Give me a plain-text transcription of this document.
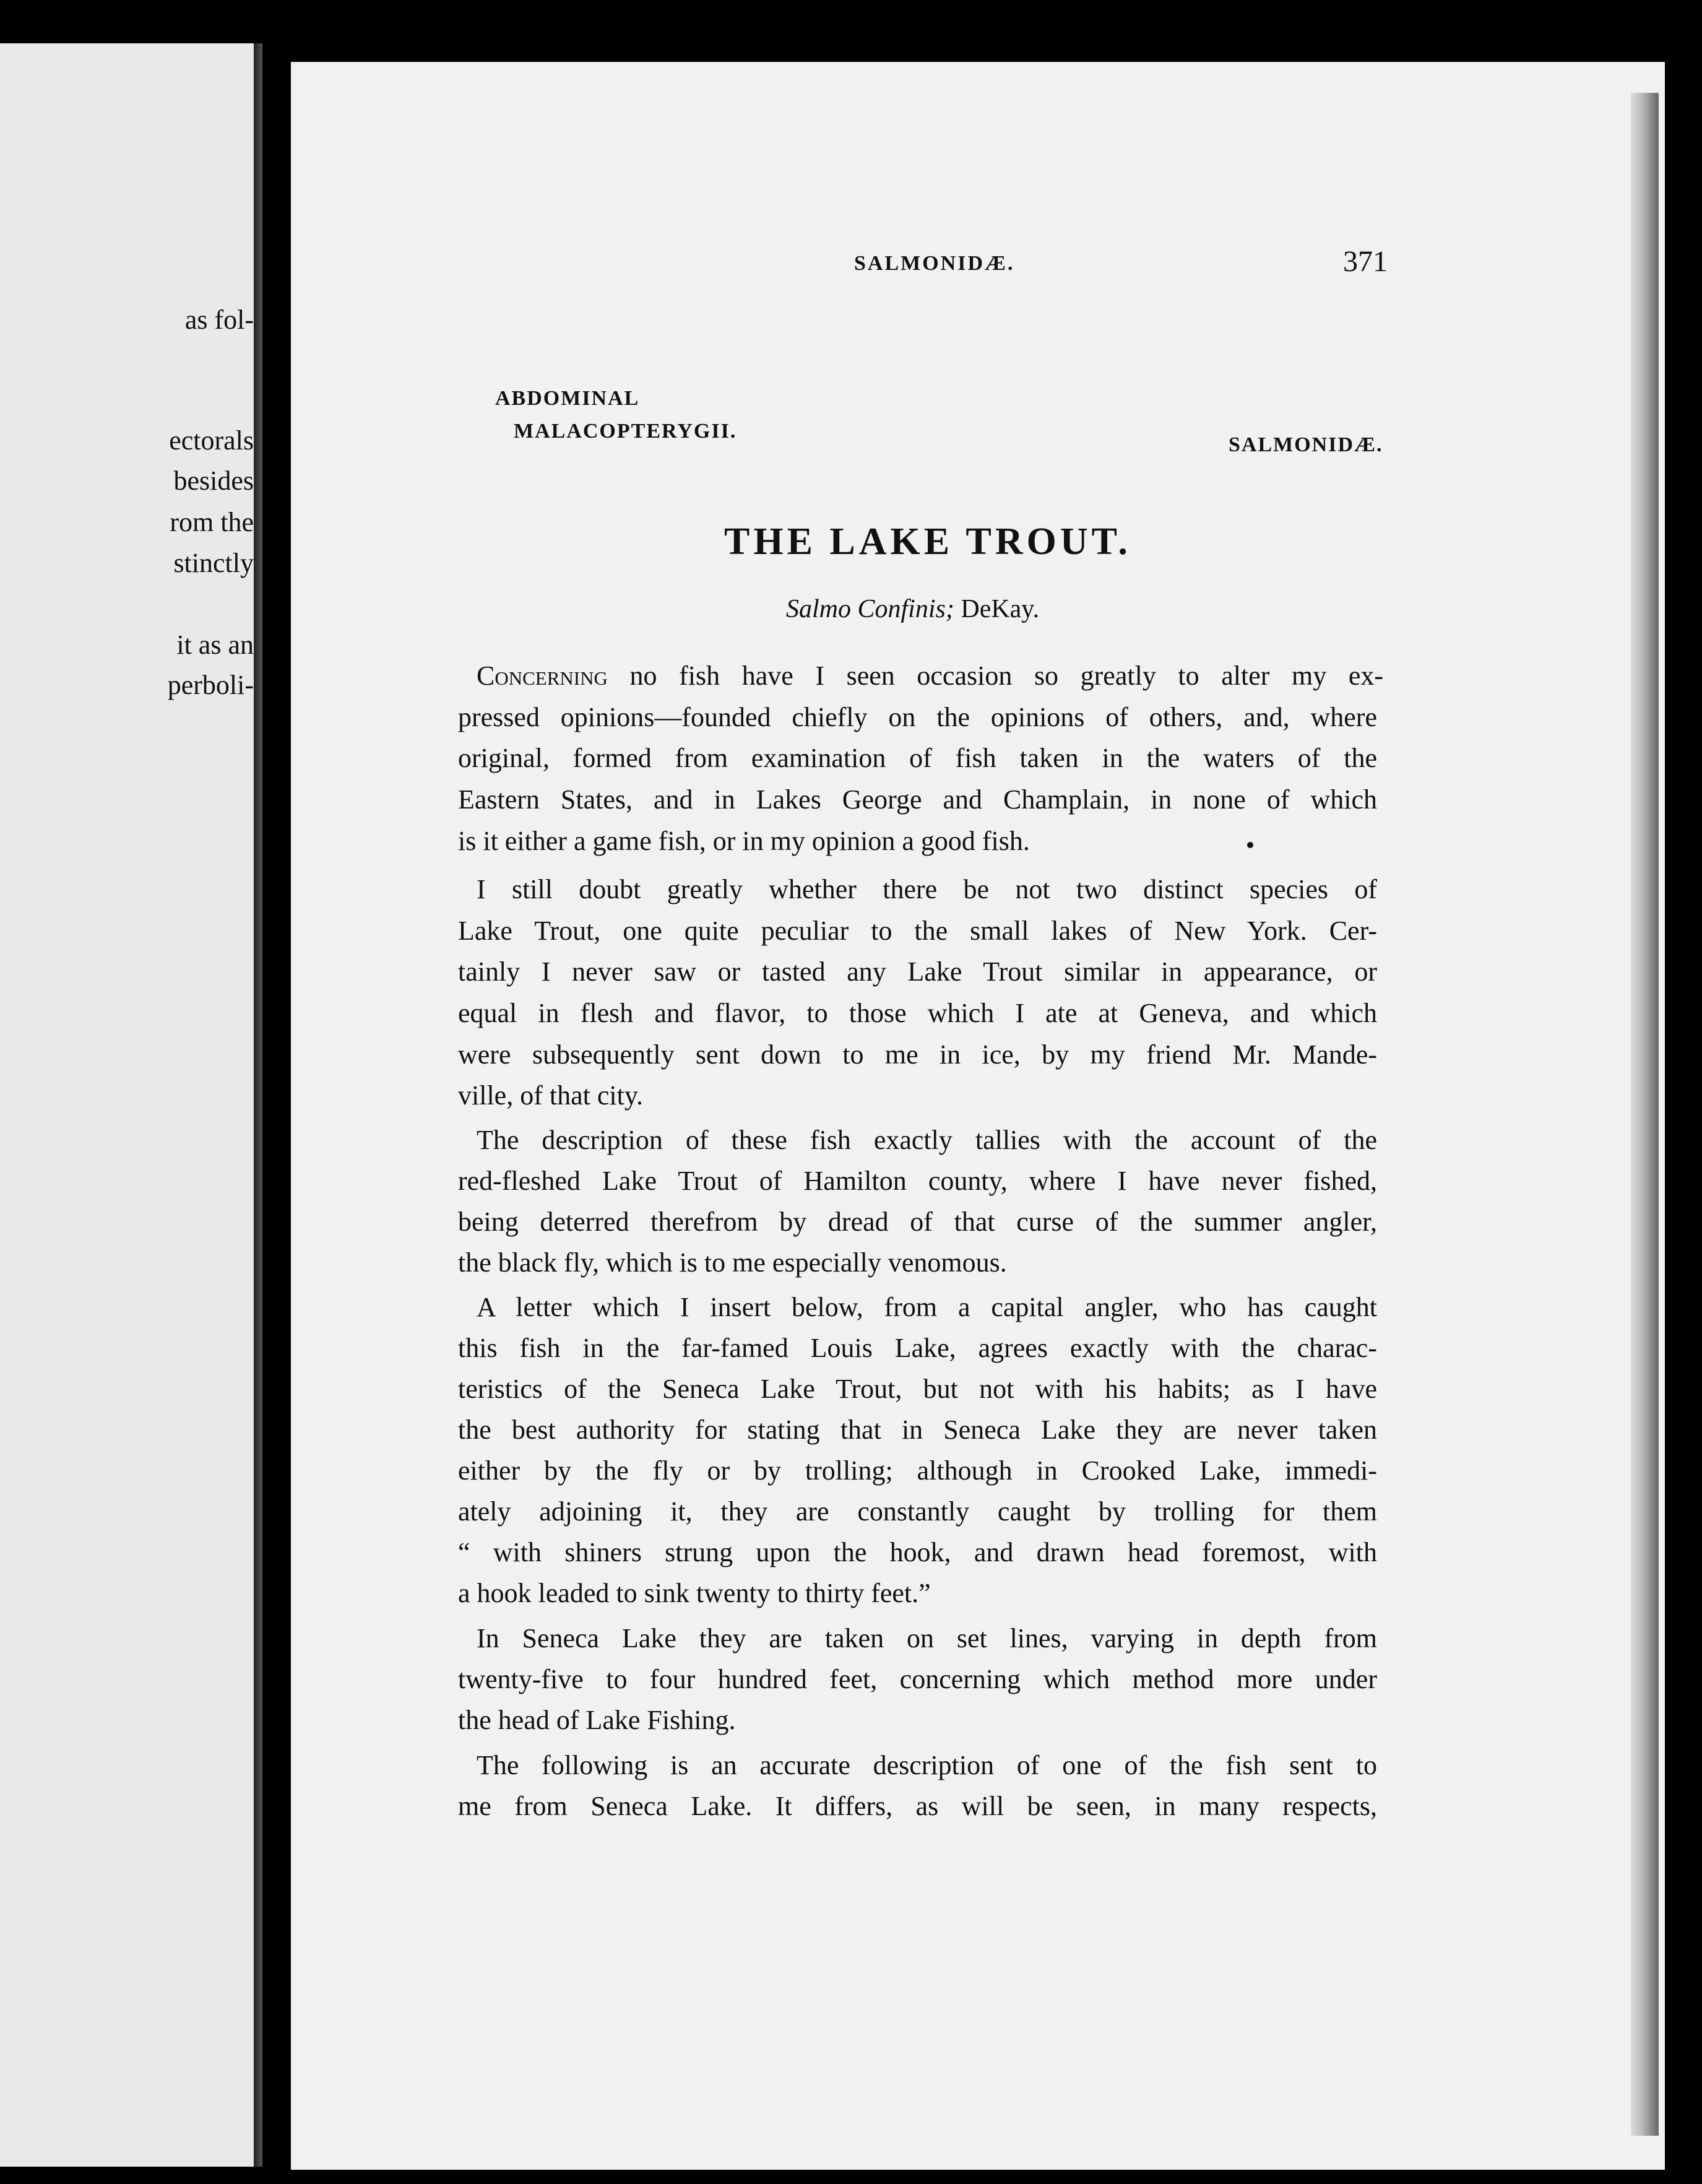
as fol-
ectorals
besides
rom the
stinctly
it as an
perboli-
SALMONIDÆ.	371
ABDOMINAL
MALACOPTERYGII.
SALMONIDÆ.
THE LAKE TROUT.
Salmo Confinis; DeKay.
Concerning no fish have I seen occasion so greatly to alter my ex-
pressed opinions—founded chiefly on the opinions of others, and, where
original, formed from examination of fish taken in the waters of the
Eastern States, and in Lakes George and Champlain, in none of which
is it either a game fish, or in my opinion a good fish.
I still doubt greatly whether there be not two distinct species of
Lake Trout, one quite peculiar to the small lakes of New York. Cer-
tainly I never saw or tasted any Lake Trout similar in appearance, or
equal in flesh and flavor, to those which I ate at Geneva, and which
were subsequently sent down to me in ice, by my friend Mr. Mande-
ville, of that city.
The description of these fish exactly tallies with the account of the
red-fleshed Lake Trout of Hamilton county, where I have never fished,
being deterred therefrom by dread of that curse of the summer angler,
the black fly, which is to me especially venomous.
A letter which I insert below, from a capital angler, who has caught
this fish in the far-famed Louis Lake, agrees exactly with the charac-
teristics of the Seneca Lake Trout, but not with his habits; as I have
the best authority for stating that in Seneca Lake they are never taken
either by the fly or by trolling; although in Crooked Lake, immedi-
ately adjoining it, they are constantly caught by trolling for them
“ with shiners strung upon the hook, and drawn head foremost, with
a hook leaded to sink twenty to thirty feet.”
In Seneca Lake they are taken on set lines, varying in depth from
twenty-five to four hundred feet, concerning which method more under
the head of Lake Fishing.
The following is an accurate description of one of the fish sent to
me from Seneca Lake. It differs, as will be seen, in many respects,
